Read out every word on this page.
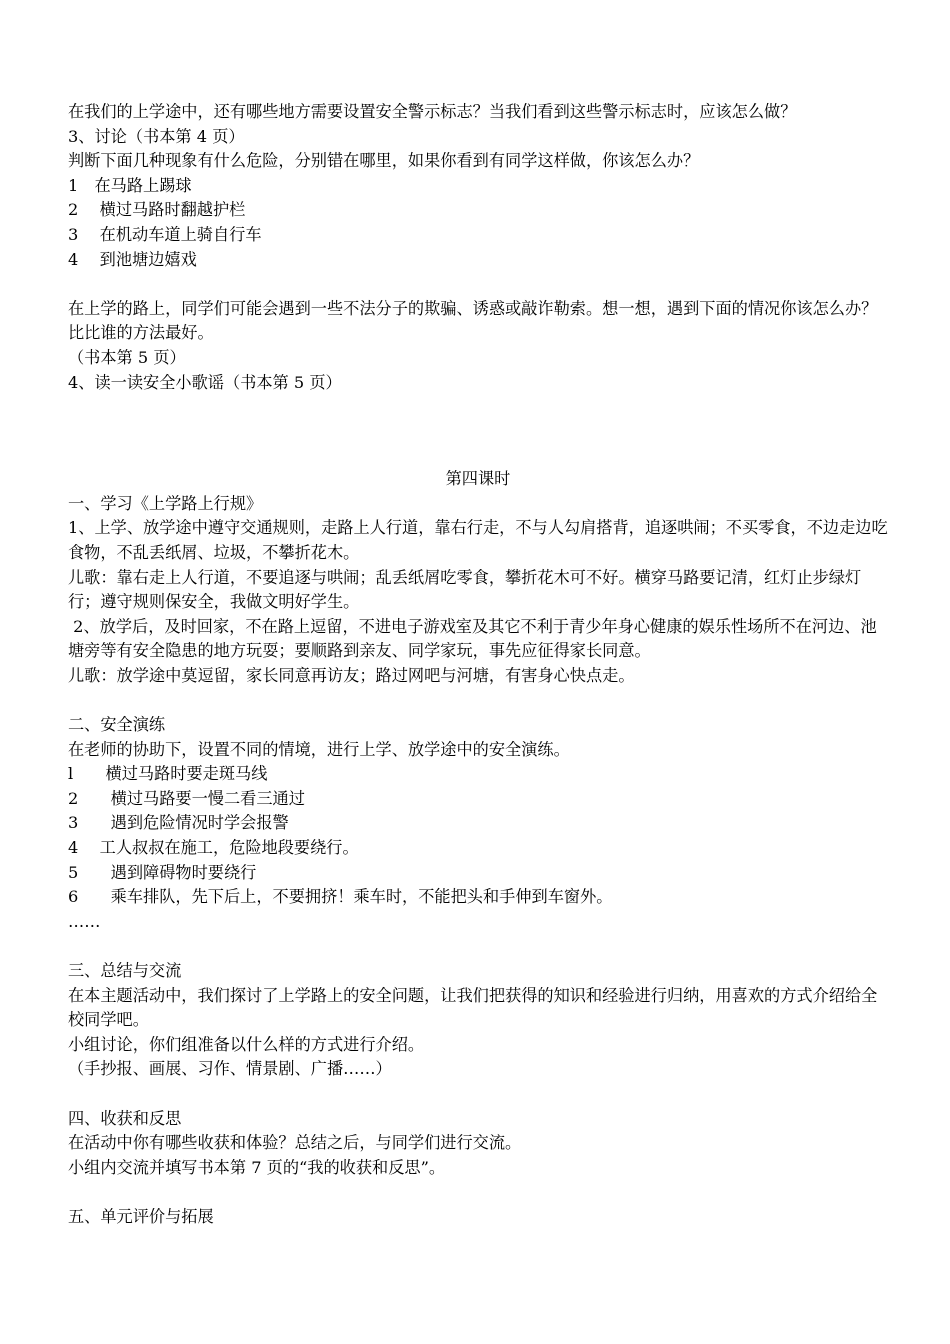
在我们的上学途中，还有哪些地方需要设置安全警示标志？当我们看到这些警示标志时，应该怎么做？

3、讨论（书本第 4 页）

判断下面几种现象有什么危险，分别错在哪里，如果你看到有同学这样做，你该怎么办？

1　在马路上踢球

2　 横过马路时翻越护栏

3　 在机动车道上骑自行车

4　 到池塘边嬉戏

在上学的路上，同学们可能会遇到一些不法分子的欺骗、诱惑或敲诈勒索。想一想，遇到下面的情况你该怎么办？比比谁的方法最好。

（书本第 5 页）

4、读一读安全小歌谣（书本第 5 页）

第四课时

一、学习《上学路上行规》

1、上学、放学途中遵守交通规则，走路上人行道，靠右行走，不与人勾肩搭背，追逐哄闹；不买零食，不边走边吃食物，不乱丢纸屑、垃圾，不攀折花木。

儿歌：靠右走上人行道，不要追逐与哄闹；乱丢纸屑吃零食，攀折花木可不好。横穿马路要记清，红灯止步绿灯行；遵守规则保安全，我做文明好学生。

2、放学后，及时回家，不在路上逗留，不进电子游戏室及其它不利于青少年身心健康的娱乐性场所不在河边、池塘旁等有安全隐患的地方玩耍；要顺路到亲友、同学家玩，事先应征得家长同意。

儿歌：放学途中莫逗留，家长同意再访友；路过网吧与河塘，有害身心快点走。

二、安全演练

在老师的协助下，设置不同的情境，进行上学、放学途中的安全演练。

l　　横过马路时要走斑马线

2　　横过马路要一慢二看三通过

3　　遇到危险情况时学会报警

4　 工人叔叔在施工，危险地段要绕行。

5　　遇到障碍物时要绕行

6　　乘车排队，先下后上，不要拥挤！乘车时，不能把头和手伸到车窗外。

……

三、总结与交流

在本主题活动中，我们探讨了上学路上的安全问题，让我们把获得的知识和经验进行归纳，用喜欢的方式介绍给全校同学吧。

小组讨论，你们组准备以什么样的方式进行介绍。

（手抄报、画展、习作、情景剧、广播……）

四、收获和反思

在活动中你有哪些收获和体验？总结之后，与同学们进行交流。

小组内交流并填写书本第 7 页的“我的收获和反思”。

五、单元评价与拓展
